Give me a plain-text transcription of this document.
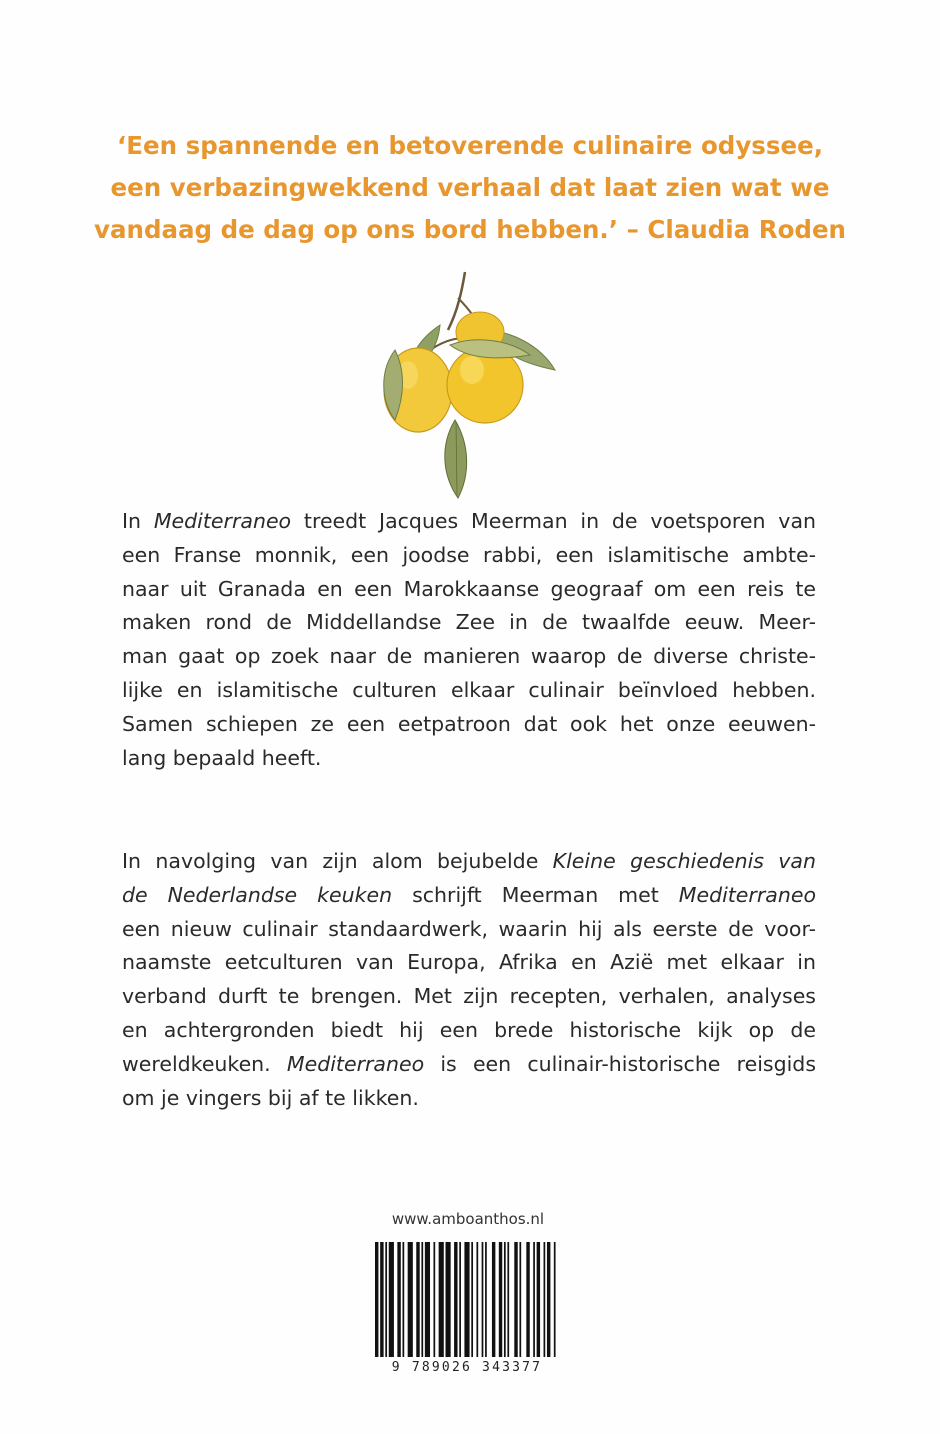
‘Een spannende en betoverende culinaire odyssee,
een verbazingwekkend verhaal dat laat zien wat we
vandaag de dag op ons bord hebben.’ – Claudia Roden
In Mediterraneo treedt Jacques Meerman in de voetsporen van
een Franse monnik, een joodse rabbi, een islamitische ambte-
naar uit Granada en een Marokkaanse geograaf om een reis te
maken rond de Middellandse Zee in de twaalfde eeuw. Meer-
man gaat op zoek naar de manieren waarop de diverse christe-
lijke en islamitische culturen elkaar culinair beïnvloed hebben.
Samen schiepen ze een eetpatroon dat ook het onze eeuwen-
lang bepaald heeft.
In navolging van zijn alom bejubelde Kleine geschiedenis van
de Nederlandse keuken schrijft Meerman met Mediterraneo
een nieuw culinair standaardwerk, waarin hij als eerste de voor-
naamste eetculturen van Europa, Afrika en Azië met elkaar in
verband durft te brengen. Met zijn recepten, verhalen, analyses
en achtergronden biedt hij een brede historische kijk op de
wereldkeuken. Mediterraneo is een culinair-historische reisgids
om je vingers bij af te likken.
www.amboanthos.nl
9 789026 343377
